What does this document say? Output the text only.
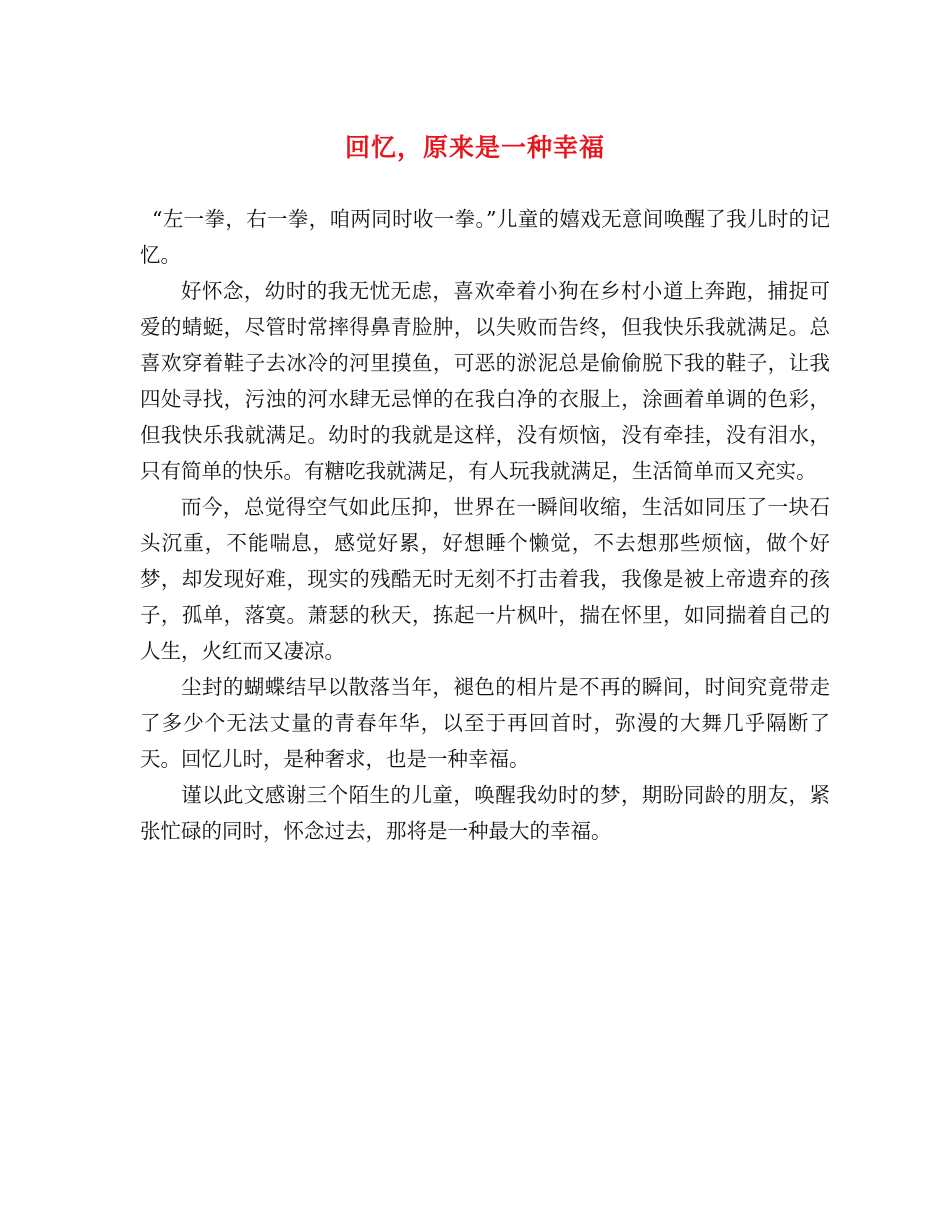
回忆，原来是一种幸福

“左一拳，右一拳，咱两同时收一拳。”儿童的嬉戏无意间唤醒了我儿时的记忆。

好怀念，幼时的我无忧无虑，喜欢牵着小狗在乡村小道上奔跑，捕捉可爱的蜻蜓，尽管时常摔得鼻青脸肿，以失败而告终，但我快乐我就满足。总喜欢穿着鞋子去冰冷的河里摸鱼，可恶的淤泥总是偷偷脱下我的鞋子，让我四处寻找，污浊的河水肆无忌惮的在我白净的衣服上，涂画着单调的色彩，但我快乐我就满足。幼时的我就是这样，没有烦恼，没有牵挂，没有泪水，只有简单的快乐。有糖吃我就满足，有人玩我就满足，生活简单而又充实。

而今，总觉得空气如此压抑，世界在一瞬间收缩，生活如同压了一块石头沉重，不能喘息，感觉好累，好想睡个懒觉，不去想那些烦恼，做个好梦，却发现好难，现实的残酷无时无刻不打击着我，我像是被上帝遗弃的孩子，孤单，落寞。萧瑟的秋天，拣起一片枫叶，揣在怀里，如同揣着自己的人生，火红而又凄凉。

尘封的蝴蝶结早以散落当年，褪色的相片是不再的瞬间，时间究竟带走了多少个无法丈量的青春年华，以至于再回首时，弥漫的大舞几乎隔断了天。回忆儿时，是种奢求，也是一种幸福。

谨以此文感谢三个陌生的儿童，唤醒我幼时的梦，期盼同龄的朋友，紧张忙碌的同时，怀念过去，那将是一种最大的幸福。
